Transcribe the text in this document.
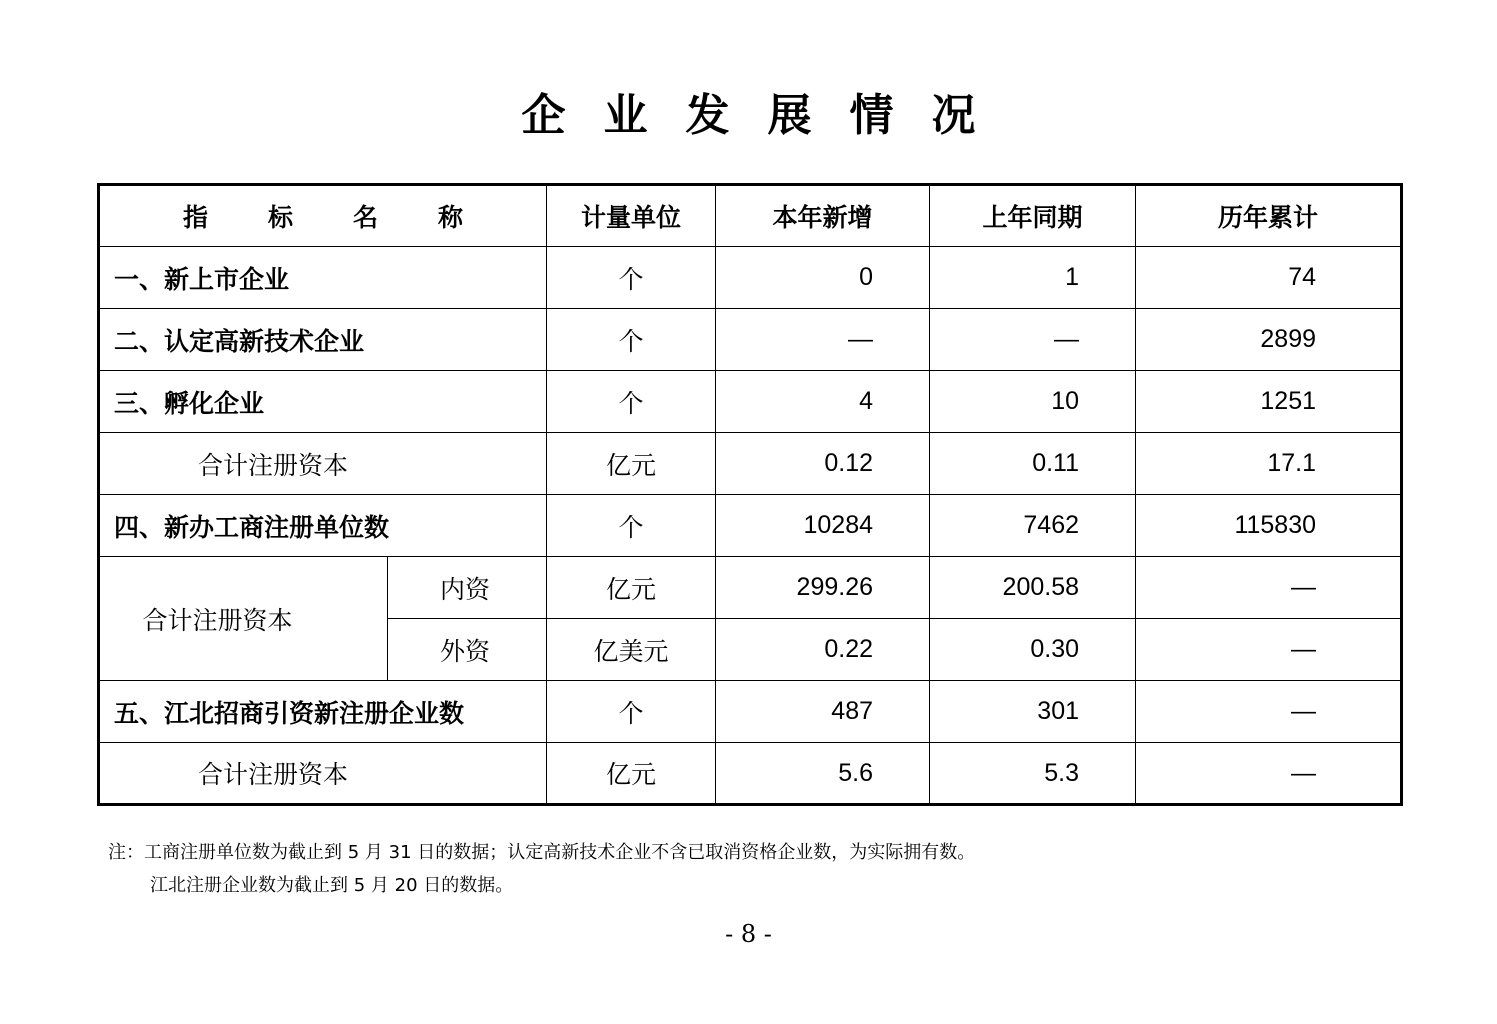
企业发展情况
指标名称		计量单位	本年新增	上年同期	历年累计
一、新上市企业		个	0	1	74
二、认定高新技术企业		个	—	—	2899
三、孵化企业		个	4	10	1251
合计注册资本		亿元	0.12	0.11	17.1
四、新办工商注册单位数		个	10284	7462	115830
合计注册资本	内资	亿元	299.26	200.58	—
	外资	亿美元	0.22	0.30	—
五、江北招商引资新注册企业数		个	487	301	—
合计注册资本		亿元	5.6	5.3	—
注：工商注册单位数为截止到 5 月 31 日的数据；认定高新技术企业不含已取消资格企业数，为实际拥有数。
江北注册企业数为截止到 5 月 20 日的数据。
- 8 -
